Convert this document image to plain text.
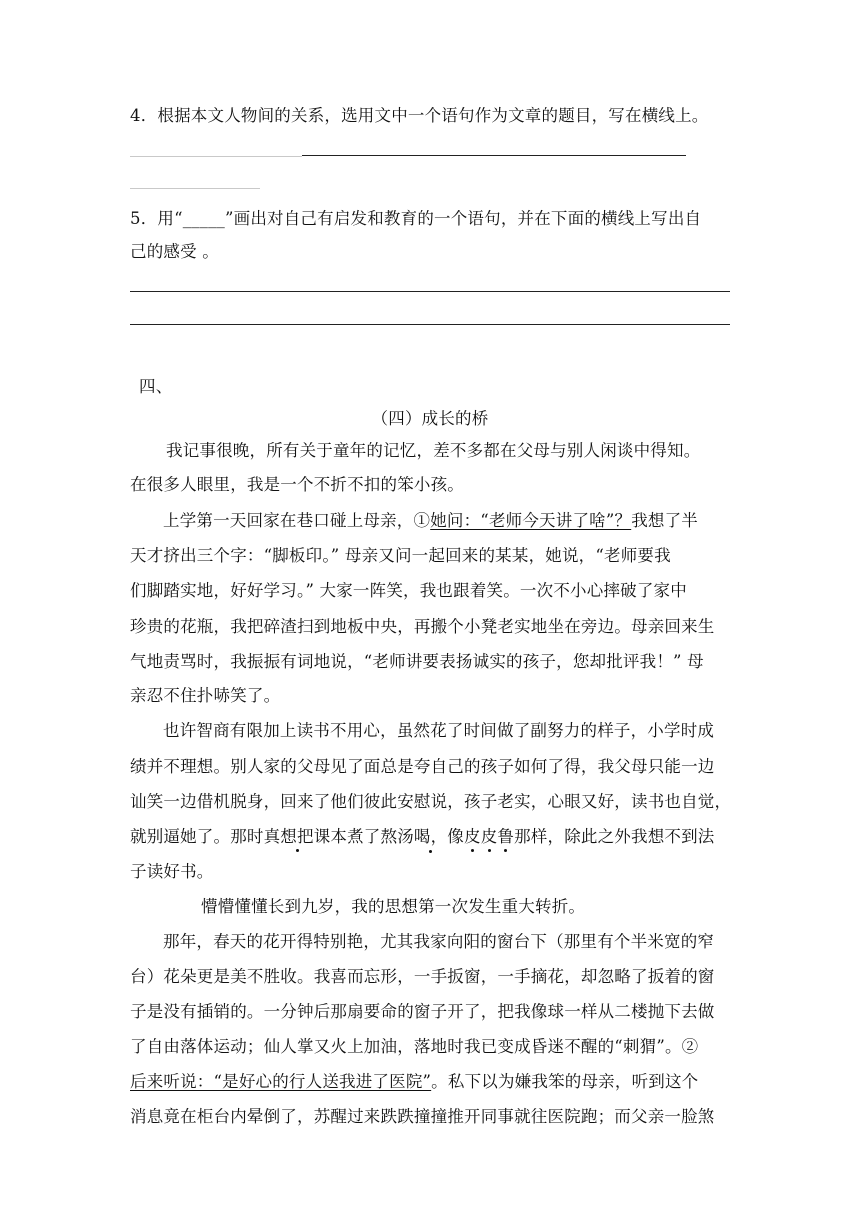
4．根据本文人物间的关系，选用文中一个语句作为文章的题目，写在横线上。
5．用“_____”画出对自己有启发和教育的一个语句，并在下面的横线上写出自
己的感受 。
四、
（四）成长的桥
我记事很晚，所有关于童年的记忆，差不多都在父母与别人闲谈中得知。
在很多人眼里，我是一个不折不扣的笨小孩。
上学第一天回家在巷口碰上母亲，①她问：“老师今天讲了啥”？我想了半
天才挤出三个字：“脚板印。” 母亲又问一起回来的某某，她说，“老师要我
们脚踏实地，好好学习。” 大家一阵笑，我也跟着笑。一次不小心摔破了家中
珍贵的花瓶，我把碎渣扫到地板中央，再搬个小凳老实地坐在旁边。母亲回来生
气地责骂时，我振振有词地说，“老师讲要表扬诚实的孩子，您却批评我！” 母
亲忍不住扑哧笑了。
也许智商有限加上读书不用心，虽然花了时间做了副努力的样子，小学时成
绩并不理想。别人家的父母见了面总是夸自己的孩子如何了得，我父母只能一边
讪笑一边借机脱身，回来了他们彼此安慰说，孩子老实，心眼又好，读书也自觉，
就别逼她了。那时真想把课本煮了熬汤喝，像皮皮鲁那样，除此之外我想不到法
子读好书。
懵懵懂懂长到九岁，我的思想第一次发生重大转折。
那年，春天的花开得特别艳，尤其我家向阳的窗台下（那里有个半米宽的窄
台）花朵更是美不胜收。我喜而忘形，一手扳窗，一手摘花，却忽略了扳着的窗
子是没有插销的。一分钟后那扇要命的窗子开了，把我像球一样从二楼抛下去做
了自由落体运动；仙人掌又火上加油，落地时我已变成昏迷不醒的“刺猬”。②
后来听说：“是好心的行人送我进了医院”。私下以为嫌我笨的母亲，听到这个
消息竟在柜台内晕倒了，苏醒过来跌跌撞撞推开同事就往医院跑；而父亲一脸煞
